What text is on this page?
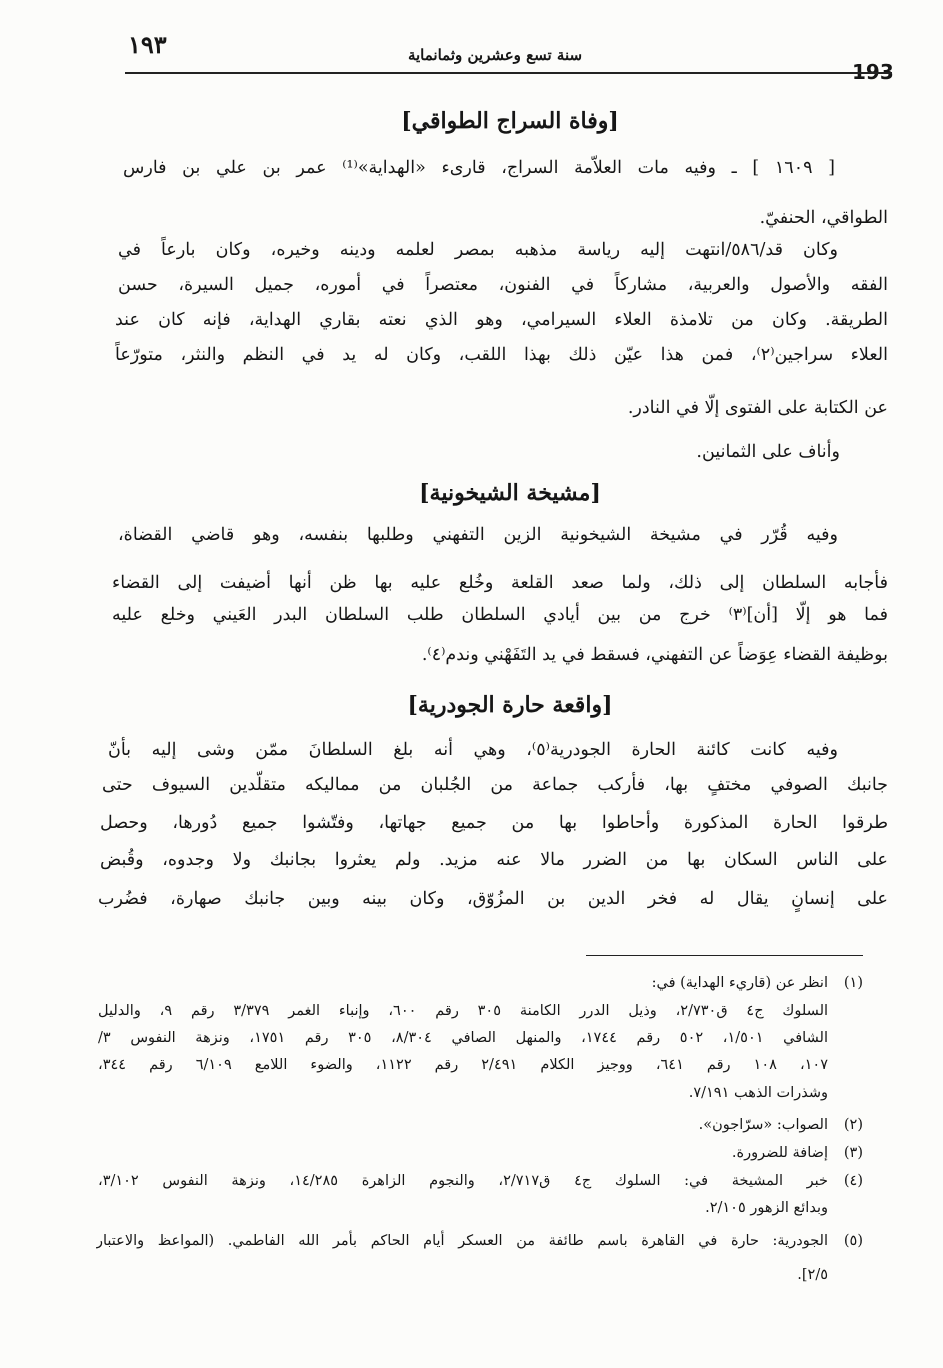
١٩٣	سنة تسع وعشرين وثمانماية
193
[وفاة السراج الطواقي]
[ ١٦٠٩ ] ـ وفيه مات العلاّمة السراج، قارىء «الهداية»⁽¹⁾ عمر بن علي بن فارس
الطواقي، الحنفيّ.
وكان قد/٥٨٦/انتهت إليه رياسة مذهبه بمصر لعلمه ودينه وخيره، وكان بارعاً في
الفقه والأصول والعربية، مشاركاً في الفنون، معتصراً في أموره، جميل السيرة، حسن
الطريقة. وكان من تلامذة العلاء السيرامي، وهو الذي نعته بقاري الهداية، فإنه كان عند
العلاء سراجين⁽٢⁾، فمن هذا عيّن ذلك بهذا اللقب، وكان له يد في النظم والنثر، متورّعاً
عن الكتابة على الفتوى إلّا في النادر.
وأناف على الثمانين.
[مشيخة الشيخونية]
وفيه قُرّر في مشيخة الشيخونية الزين التفهني وطلبها بنفسه، وهو قاضي القضاة،
فأجابه السلطان إلى ذلك، ولما صعد القلعة وخُلع عليه بها ظن أنها أضيفت إلى القضاء
فما هو إلّا [أن]⁽٣⁾ خرج من بين أيادي السلطان طلب السلطان البدر العَيني وخلع عليه
بوظيفة القضاء عِوَضاً عن التفهني، فسقط في يد التَفَهْني وندم⁽٤⁾.
[واقعة حارة الجودرية]
وفيه كانت كائنة الحارة الجودرية⁽٥⁾، وهي أنه بلغ السلطانَ ممّن وشى إليه بأنّ
جانبك الصوفي مختفٍ بها، فأركب جماعة من الجُلبان من مماليكه متقلّدين السيوف حتى
طرقوا الحارة المذكورة وأحاطوا بها من جميع جهاتها، وفتّشوا جميع دُورها، وحصل
على الناس السكان بها من الضرر مالا عنه مزيد. ولم يعثروا بجانبك ولا وجدوه، وقُبض
على إنسانٍ يقال له فخر الدين بن المزُوّق، وكان بينه وبين جانبك صهارة، فضُرب
(١)
انظر عن (قاريء الهداية) في:
السلوك ج٤ ق٢/٧٣٠، وذيل الدرر الكامنة ٣٠٥ رقم ٦٠٠، وإنباء الغمر ٣/٣٧٩ رقم ٩، والدليل
الشافي ١/٥٠١، ٥٠٢ رقم ١٧٤٤، والمنهل الصافي ٨/٣٠٤، ٣٠٥ رقم ١٧٥١، ونزهة النفوس ٣/
١٠٧، ١٠٨ رقم ٦٤١، ووجيز الكلام ٢/٤٩١ رقم ١١٢٢، والضوء اللامع ٦/١٠٩ رقم ٣٤٤،
وشذرات الذهب ٧/١٩١.
(٢)
الصواب: «سرّاجون».
(٣)
إضافة للضرورة.
(٤)
خبر المشيخة في: السلوك ج٤ ق٢/٧١٧، والنجوم الزاهرة ١٤/٢٨٥، ونزهة النفوس ٣/١٠٢،
وبدائع الزهور ٢/١٠٥.
(٥)
الجودرية: حارة في القاهرة باسم طائفة من العسكر أيام الحاكم بأمر الله الفاطمي. (المواعظ والاعتبار
٢/٥].
